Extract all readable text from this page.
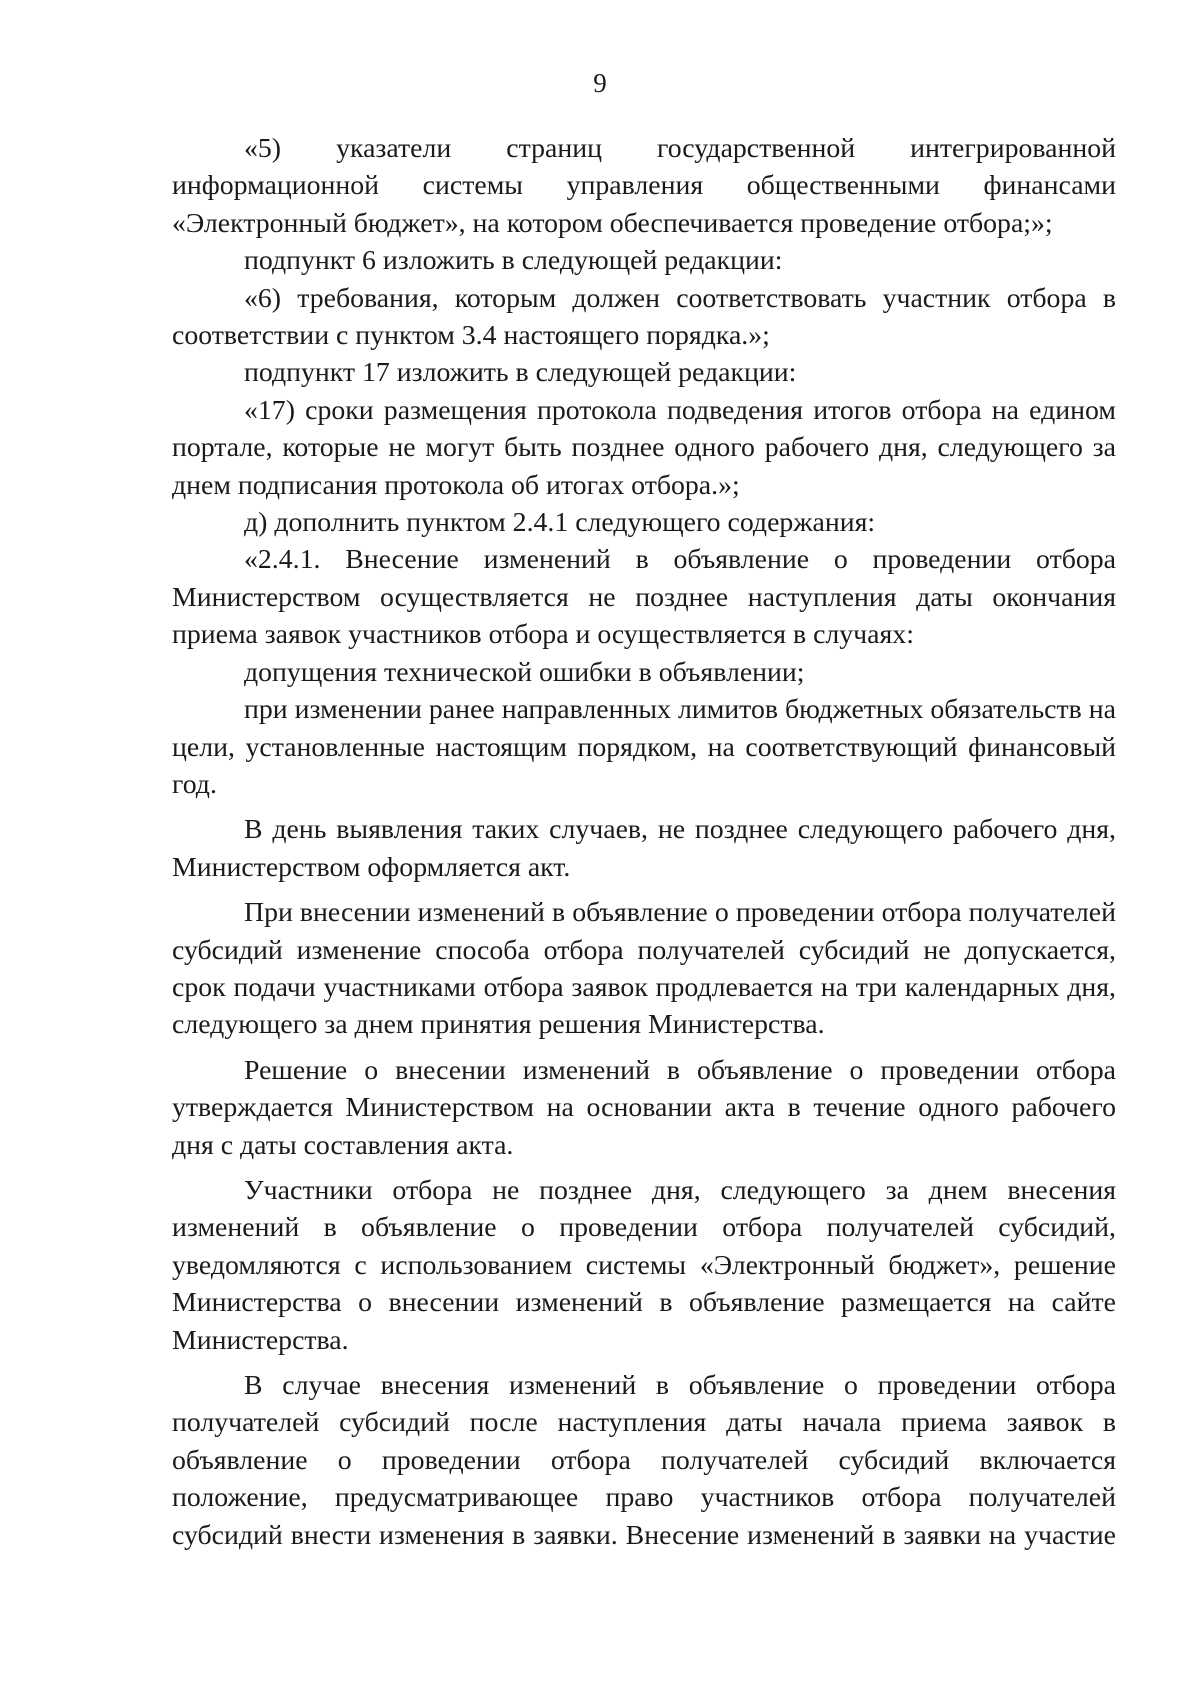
9

«5) указатели страниц государственной интегрированной информационной системы управления общественными финансами «Электронный бюджет», на котором обеспечивается проведение отбора;»;

подпункт 6 изложить в следующей редакции:

«6) требования, которым должен соответствовать участник отбора в соответствии с пунктом 3.4 настоящего порядка.»;

подпункт 17 изложить в следующей редакции:

«17) сроки размещения протокола подведения итогов отбора на едином портале, которые не могут быть позднее одного рабочего дня, следующего за днем подписания протокола об итогах отбора.»;

д) дополнить пунктом 2.4.1 следующего содержания:

«2.4.1. Внесение изменений в объявление о проведении отбора Министерством осуществляется не позднее наступления даты окончания приема заявок участников отбора и осуществляется в случаях:

допущения технической ошибки в объявлении;

при изменении ранее направленных лимитов бюджетных обязательств на цели, установленные настоящим порядком, на соответствующий финансовый год.

В день выявления таких случаев, не позднее следующего рабочего дня, Министерством оформляется акт.

При внесении изменений в объявление о проведении отбора получателей субсидий изменение способа отбора получателей субсидий не допускается, срок подачи участниками отбора заявок продлевается на три календарных дня, следующего за днем принятия решения Министерства.

Решение о внесении изменений в объявление о проведении отбора утверждается Министерством на основании акта в течение одного рабочего дня с даты составления акта.

Участники отбора не позднее дня, следующего за днем внесения изменений в объявление о проведении отбора получателей субсидий, уведомляются с использованием системы «Электронный бюджет», решение Министерства о внесении изменений в объявление размещается на сайте Министерства.

В случае внесения изменений в объявление о проведении отбора получателей субсидий после наступления даты начала приема заявок в объявление о проведении отбора получателей субсидий включается положение, предусматривающее право участников отбора получателей субсидий внести изменения в заявки. Внесение изменений в заявки на участие
